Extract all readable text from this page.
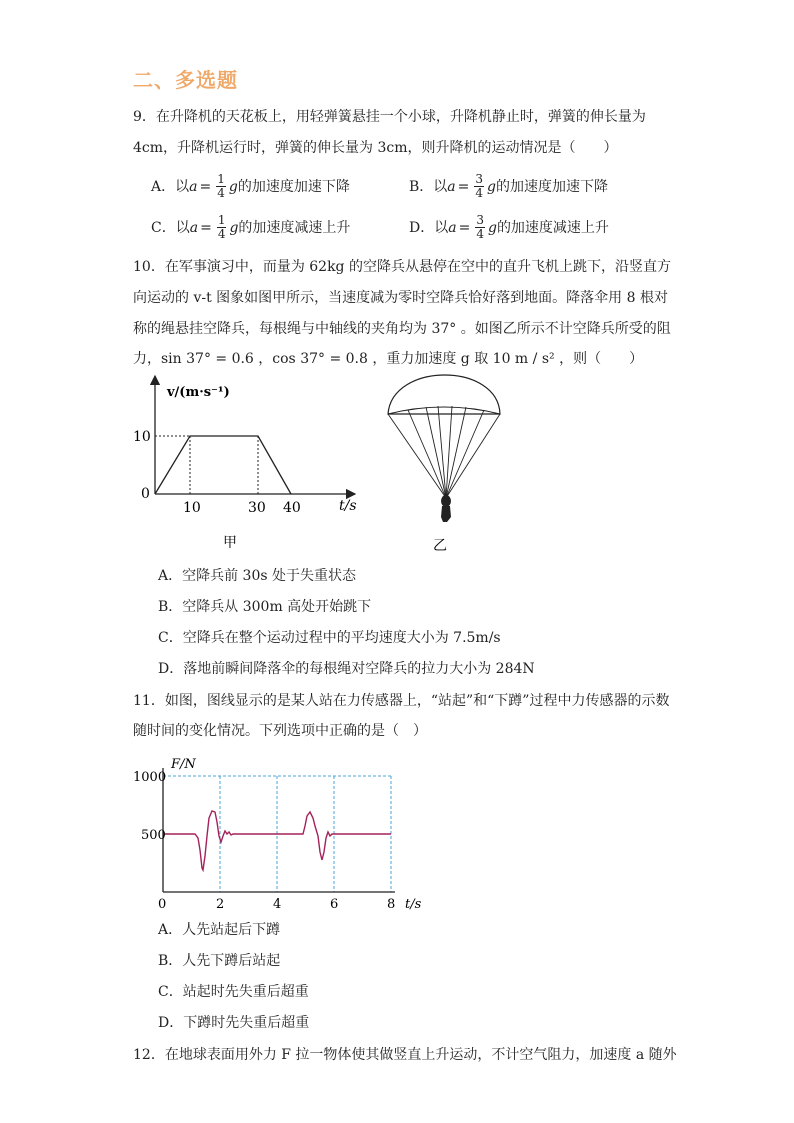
二、多选题
9．在升降机的天花板上，用轻弹簧悬挂一个小球，升降机静止时，弹簧的伸长量为
4cm，升降机运行时，弹簧的伸长量为 3cm，则升降机的运动情况是（　　）
A．以 $a = \frac{1}{4}$ g 的加速度加速下降	B．以 $a = \frac{3}{4}$ g 的加速度加速下降
C．以 $a = \frac{1}{4}$ g 的加速度减速上升	D．以 $a = \frac{3}{4}$ g 的加速度减速上升
10．在军事演习中，而量为 62kg 的空降兵从悬停在空中的直升飞机上跳下，沿竖直方
向运动的 v-t 图象如图甲所示，当速度减为零时空降兵恰好落到地面。降落伞用 8 根对
称的绳悬挂空降兵，每根绳与中轴线的夹角均为 37° 。如图乙所示不计空降兵所受的阻
力，sin 37° = 0.6 ，cos 37° = 0.8 ，重力加速度 g 取 10 m / s² ，则（　　）
v/(m·s⁻¹)
10
0
10	30 40	t/s
甲	乙
A．空降兵前 30s 处于失重状态
B．空降兵从 300m 高处开始跳下
C．空降兵在整个运动过程中的平均速度大小为 7.5m/s
D．落地前瞬间降落伞的每根绳对空降兵的拉力大小为 284N
11．如图，图线显示的是某人站在力传感器上，“站起”和“下蹲”过程中力传感器的示数
随时间的变化情况。下列选项中正确的是（　）
F/N
1000
500
0	2	4	6	8 t/s
A．人先站起后下蹲
B．人先下蹲后站起
C．站起时先失重后超重
D．下蹲时先失重后超重
12．在地球表面用外力 F 拉一物体使其做竖直上升运动，不计空气阻力，加速度 a 随外
